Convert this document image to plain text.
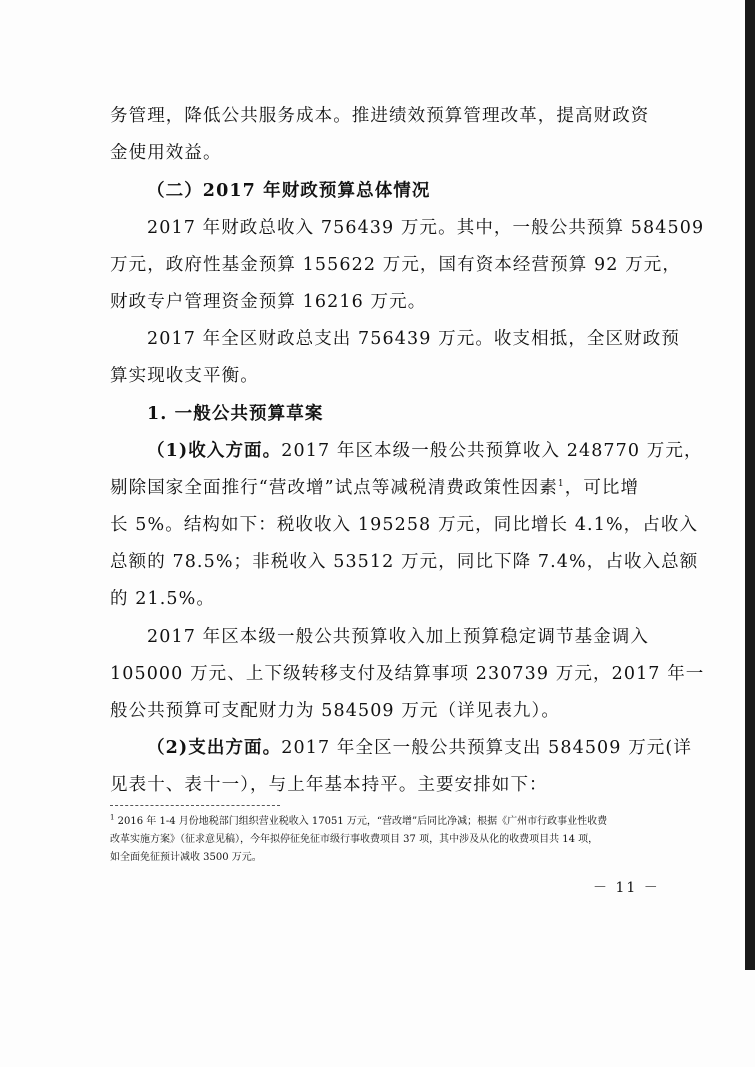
务管理，降低公共服务成本。推进绩效预算管理改革，提高财政资
金使用效益。
（二）2017 年财政预算总体情况
2017 年财政总收入 756439 万元。其中，一般公共预算 584509
万元，政府性基金预算 155622 万元，国有资本经营预算 92 万元，
财政专户管理资金预算 16216 万元。
2017 年全区财政总支出 756439 万元。收支相抵，全区财政预
算实现收支平衡。
1. 一般公共预算草案
（1)收入方面。2017 年区本级一般公共预算收入 248770 万元，
剔除国家全面推行“营改增”试点等减税清费政策性因素$^1$，可比增
长 5%。结构如下：税收收入 195258 万元，同比增长 4.1%，占收入
总额的 78.5%；非税收入 53512 万元，同比下降 7.4%，占收入总额
的 21.5%。
2017 年区本级一般公共预算收入加上预算稳定调节基金调入
105000 万元、上下级转移支付及结算事项 230739 万元，2017 年一
般公共预算可支配财力为 584509 万元（详见表九）。
（2)支出方面。2017 年全区一般公共预算支出 584509 万元(详
见表十、表十一），与上年基本持平。主要安排如下：
$^1$ 2016 年 1-4 月份地税部门组织营业税收入 17051 万元，“营改增”后同比净减；根据《广州市行政事业性收费
改革实施方案》（征求意见稿），今年拟停征免征市级行事收费项目 37 项，其中涉及从化的收费项目共 14 项，
如全面免征预计减收 3500 万元。
－ 11 －
